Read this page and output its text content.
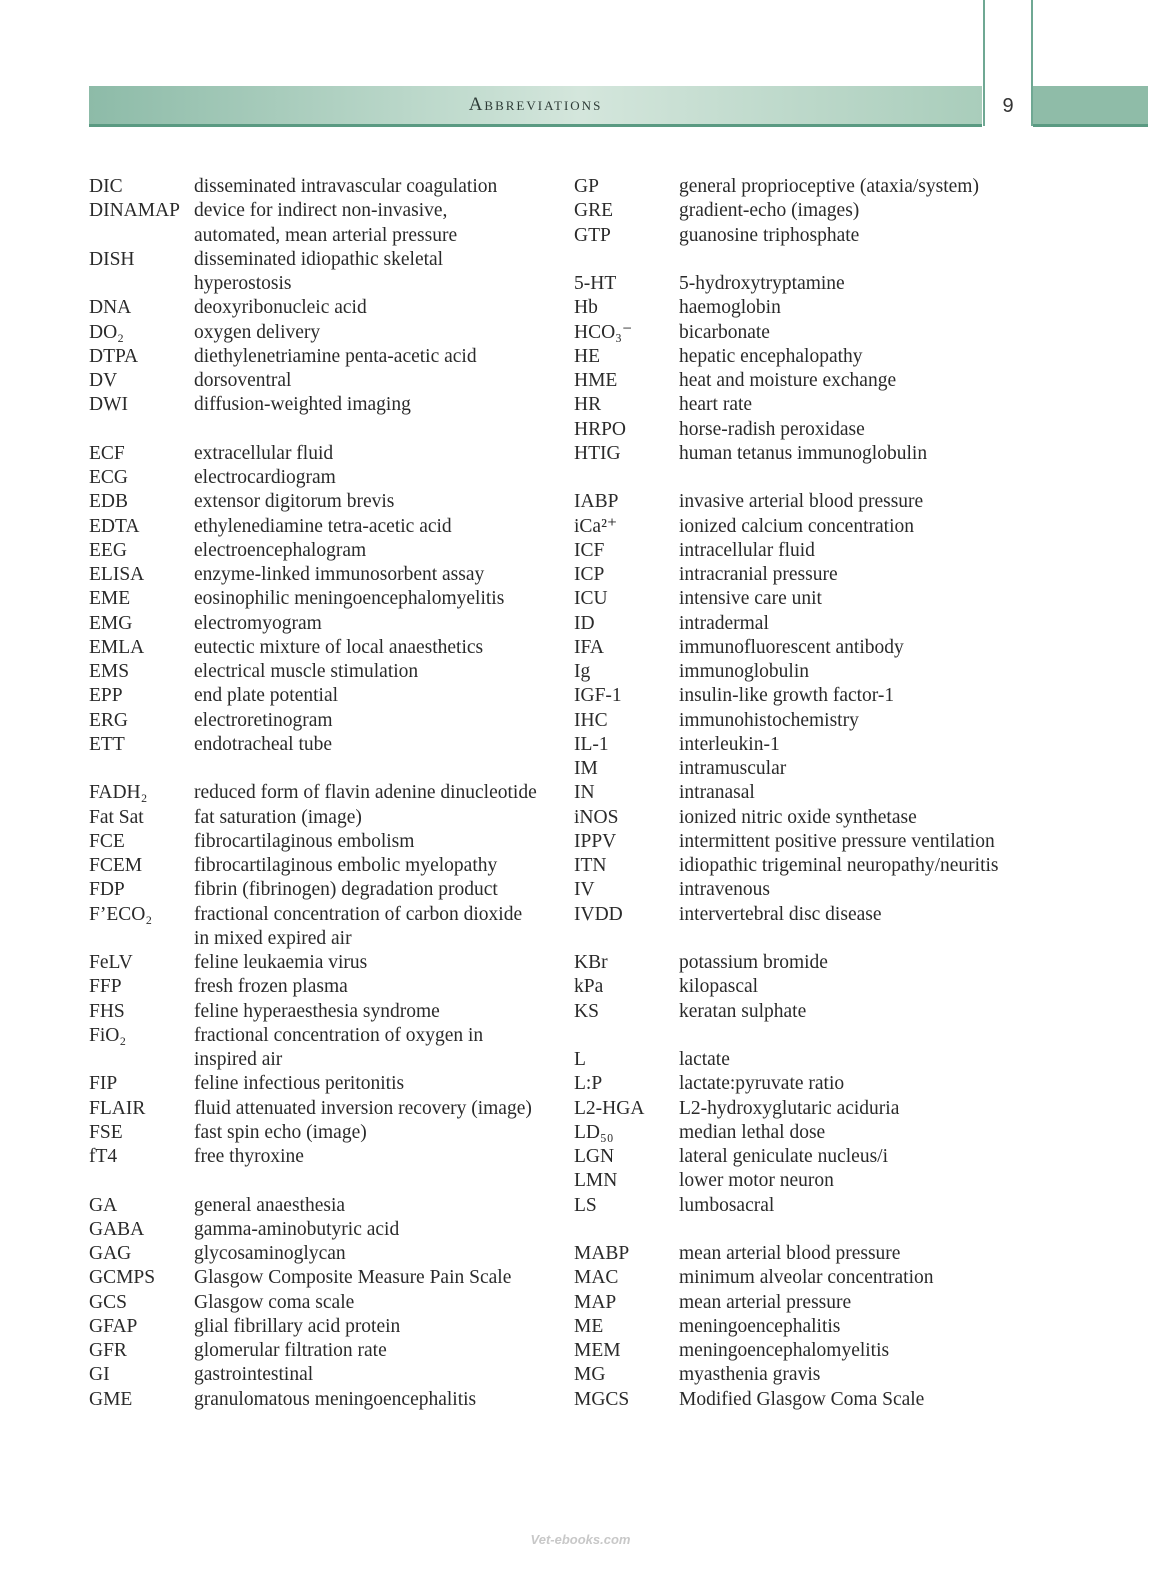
Abbreviations	9
DIC	disseminated intravascular coagulation
DINAMAP device for indirect non-invasive,
automated, mean arterial pressure
DISH	disseminated idiopathic skeletal
hyperostosis
DNA	deoxyribonucleic acid
DO₂	oxygen delivery
DTPA	diethylenetriamine penta-acetic acid
DV	dorsoventral
DWI	diffusion-weighted imaging
ECF	extracellular fluid
ECG	electrocardiogram
EDB	extensor digitorum brevis
EDTA	ethylenediamine tetra-acetic acid
EEG	electroencephalogram
ELISA	enzyme-linked immunosorbent assay
EME	eosinophilic meningoencephalomyelitis
EMG	electromyogram
EMLA	eutectic mixture of local anaesthetics
EMS	electrical muscle stimulation
EPP	end plate potential
ERG	electroretinogram
ETT	endotracheal tube
FADH₂	reduced form of flavin adenine dinucleotide
Fat Sat	fat saturation (image)
FCE	fibrocartilaginous embolism
FCEM	fibrocartilaginous embolic myelopathy
FDP	fibrin (fibrinogen) degradation product
F’ECO₂	fractional concentration of carbon dioxide
in mixed expired air
FeLV	feline leukaemia virus
FFP	fresh frozen plasma
FHS	feline hyperaesthesia syndrome
FiO₂	fractional concentration of oxygen in
inspired air
FIP	feline infectious peritonitis
FLAIR	fluid attenuated inversion recovery (image)
FSE	fast spin echo (image)
fT4	free thyroxine
GA	general anaesthesia
GABA	gamma-aminobutyric acid
GAG	glycosaminoglycan
GCMPS	Glasgow Composite Measure Pain Scale
GCS	Glasgow coma scale
GFAP	glial fibrillary acid protein
GFR	glomerular filtration rate
GI	gastrointestinal
GME	granulomatous meningoencephalitis
GP	general proprioceptive (ataxia/system)
GRE	gradient-echo (images)
GTP	guanosine triphosphate
5-HT	5-hydroxytryptamine
Hb	haemoglobin
HCO₃⁻	bicarbonate
HE	hepatic encephalopathy
HME	heat and moisture exchange
HR	heart rate
HRPO	horse-radish peroxidase
HTIG	human tetanus immunoglobulin
IABP	invasive arterial blood pressure
iCa²⁺	ionized calcium concentration
ICF	intracellular fluid
ICP	intracranial pressure
ICU	intensive care unit
ID	intradermal
IFA	immunofluorescent antibody
Ig	immunoglobulin
IGF-1	insulin-like growth factor-1
IHC	immunohistochemistry
IL-1	interleukin-1
IM	intramuscular
IN	intranasal
iNOS	ionized nitric oxide synthetase
IPPV	intermittent positive pressure ventilation
ITN	idiopathic trigeminal neuropathy/neuritis
IV	intravenous
IVDD	intervertebral disc disease
KBr	potassium bromide
kPa	kilopascal
KS	keratan sulphate
L	lactate
L:P	lactate:pyruvate ratio
L2-HGA	L2-hydroxyglutaric aciduria
LD₅₀	median lethal dose
LGN	lateral geniculate nucleus/i
LMN	lower motor neuron
LS	lumbosacral
MABP	mean arterial blood pressure
MAC	minimum alveolar concentration
MAP	mean arterial pressure
ME	meningoencephalitis
MEM	meningoencephalomyelitis
MG	myasthenia gravis
MGCS	Modified Glasgow Coma Scale
Vet-ebooks.com
